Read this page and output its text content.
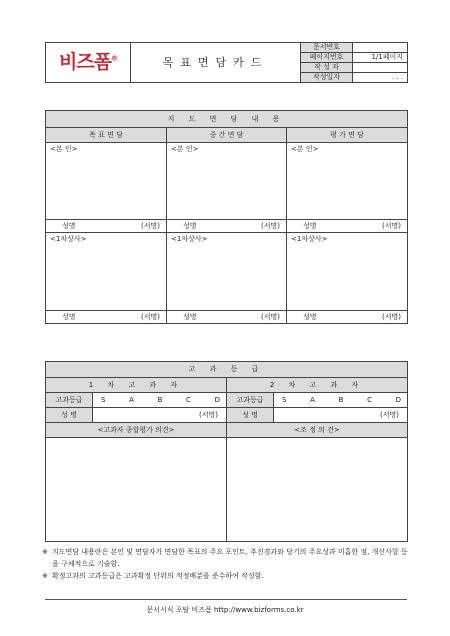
비즈폼®	목표면담카드	문서번호	
		페이지번호	1/1페이지
		작 성 자	
		작성일자	. . .
지 도 면 담 내 용		
목 표 면 담	중 간 면 담	평 가 면 담
<본 인>	<본 인>	<본 인>

성명 (서명)	성명 (서명)	성명 (서명)

<1차상사>	<1차상사>	<1차상사>

성명 (서명)	성명 (서명)	성명 (서명)
고 과 등 급			
1 차 고 과 자		2 차 고 과 자	
고과등급	S A B C D	고과등급	S A B C D

성 명	(서명)	성 명	(서명)
<고과자 종합평가 의견>		<조 정 의 견>	

※ 지도면담 내용란은 본인 및 면담자가 면담한 목표의 주요 포인트, 추진경과와 당기의 주요성과 미흡한 점, 개선사항 등을 구체적으로 기술함.
※ 확정고과의 고과등급은 고과확정 단위의 적정배분을 준수하여 작성함.
문서서식 포탈 비즈폼 http://www.bizforms.co.kr
